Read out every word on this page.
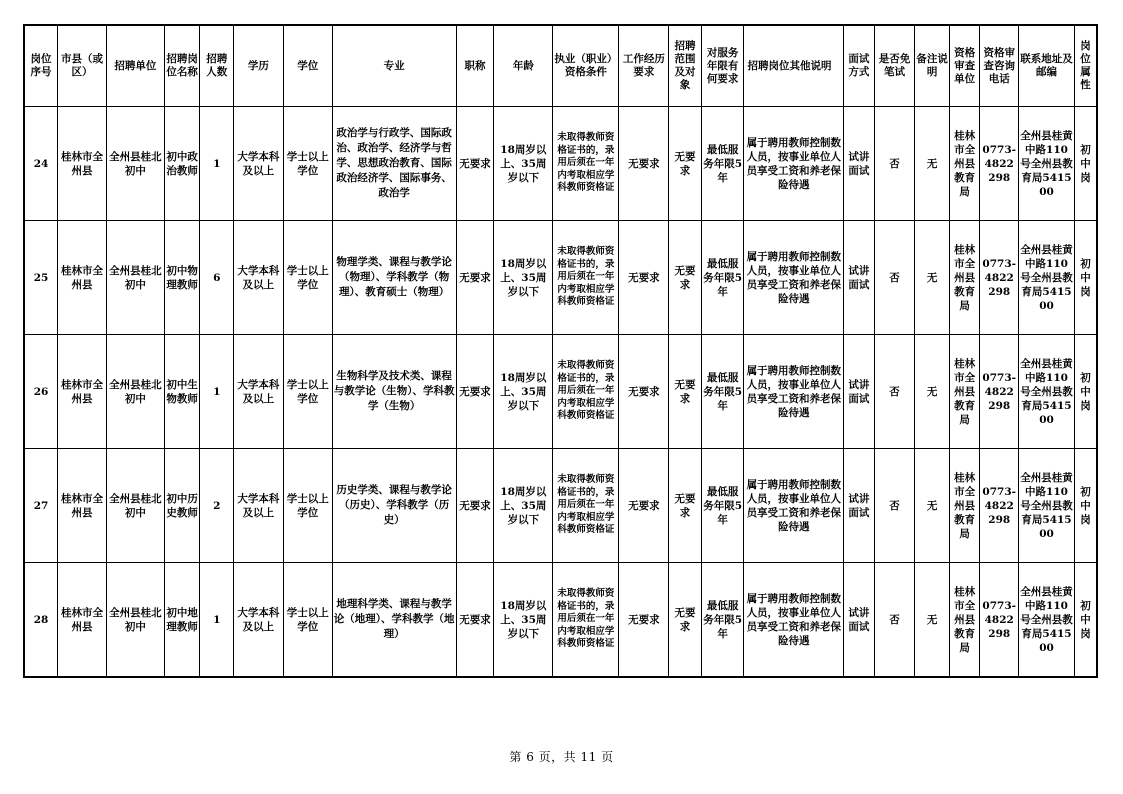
岗位序号	市县（或区）	招聘单位	招聘岗位名称	招聘人数	学历	学位	专业	职称	年龄	执业（职业）资格条件	工作经历要求	招聘范围及对象	对服务年限有何要求	招聘岗位其他说明	面试方式	是否免笔试	备注说明	资格审查单位	资格审查咨询电话	联系地址及邮编	岗位属性
24	桂林市全州县	全州县桂北初中	初中政治教师	1	大学本科及以上	学士以上学位	政治学与行政学、国际政治、政治学、经济学与哲学、思想政治教育、国际政治经济学、国际事务、政治学	无要求	18周岁以上、35周岁以下	未取得教师资格证书的，录用后须在一年内考取相应学科教师资格证	无要求	无要求	最低服务年限5年	属于聘用教师控制数人员，按事业单位人员享受工资和养老保险待遇	试讲面试	否	无	桂林市全州县教育局	0773-4822298	全州县桂黄中路110号全州县教育局541500	初中岗
25	桂林市全州县	全州县桂北初中	初中物理教师	6	大学本科及以上	学士以上学位	物理学类、课程与教学论（物理）、学科教学（物理）、教育硕士（物理）	无要求	18周岁以上、35周岁以下	未取得教师资格证书的，录用后须在一年内考取相应学科教师资格证	无要求	无要求	最低服务年限5年	属于聘用教师控制数人员，按事业单位人员享受工资和养老保险待遇	试讲面试	否	无	桂林市全州县教育局	0773-4822298	全州县桂黄中路110号全州县教育局541500	初中岗
26	桂林市全州县	全州县桂北初中	初中生物教师	1	大学本科及以上	学士以上学位	生物科学及技术类、课程与教学论（生物）、学科教学（生物）	无要求	18周岁以上、35周岁以下	未取得教师资格证书的，录用后须在一年内考取相应学科教师资格证	无要求	无要求	最低服务年限5年	属于聘用教师控制数人员，按事业单位人员享受工资和养老保险待遇	试讲面试	否	无	桂林市全州县教育局	0773-4822298	全州县桂黄中路110号全州县教育局541500	初中岗
27	桂林市全州县	全州县桂北初中	初中历史教师	2	大学本科及以上	学士以上学位	历史学类、课程与教学论（历史）、学科教学（历史）	无要求	18周岁以上、35周岁以下	未取得教师资格证书的，录用后须在一年内考取相应学科教师资格证	无要求	无要求	最低服务年限5年	属于聘用教师控制数人员，按事业单位人员享受工资和养老保险待遇	试讲面试	否	无	桂林市全州县教育局	0773-4822298	全州县桂黄中路110号全州县教育局541500	初中岗
28	桂林市全州县	全州县桂北初中	初中地理教师	1	大学本科及以上	学士以上学位	地理科学类、课程与教学论（地理）、学科教学（地理）	无要求	18周岁以上、35周岁以下	未取得教师资格证书的，录用后须在一年内考取相应学科教师资格证	无要求	无要求	最低服务年限5年	属于聘用教师控制数人员，按事业单位人员享受工资和养老保险待遇	试讲面试	否	无	桂林市全州县教育局	0773-4822298	全州县桂黄中路110号全州县教育局541500	初中岗
第 6 页，共 11 页
